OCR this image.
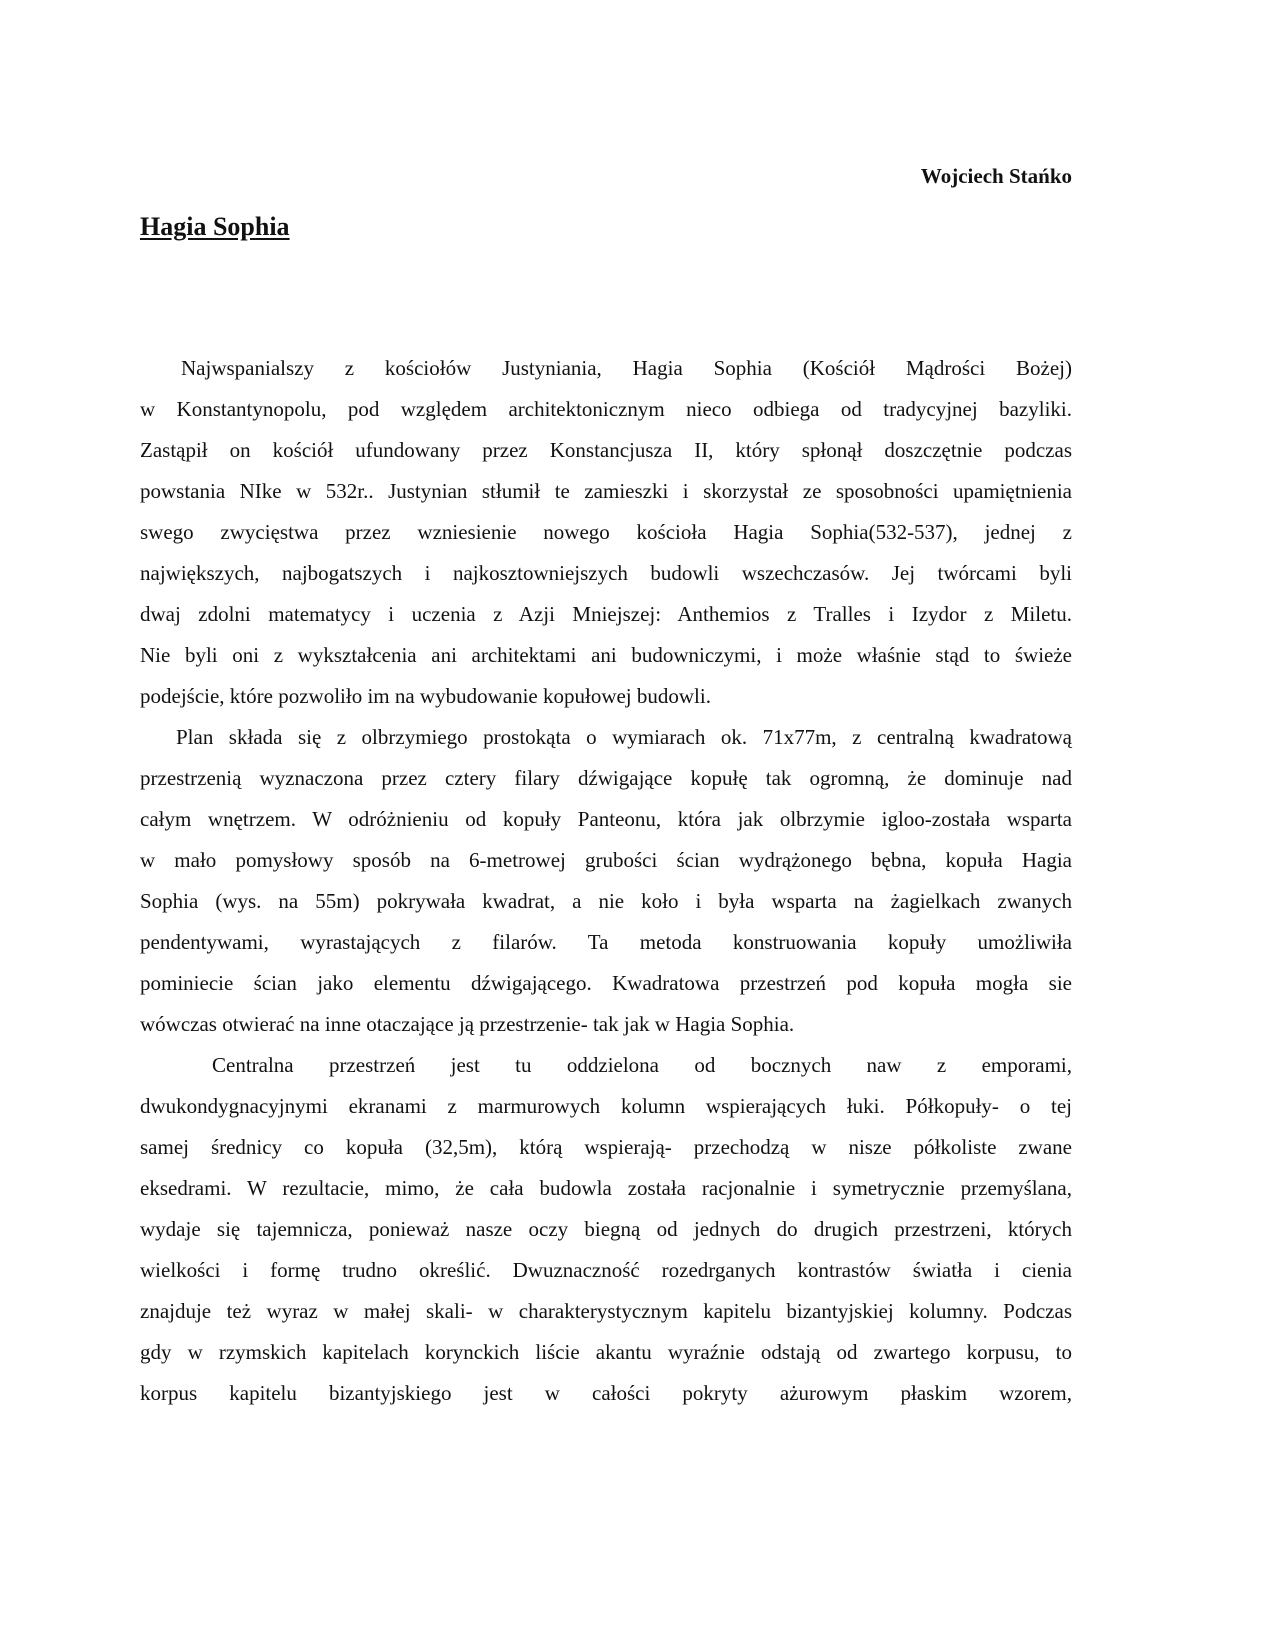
Wojciech Stańko
Hagia Sophia
Najwspanialszy z kościołów Justyniania, Hagia Sophia (Kościół Mądrości Bożej)
w Konstantynopolu, pod względem architektonicznym nieco odbiega od tradycyjnej bazyliki.
Zastąpił on kościół ufundowany przez Konstancjusza II, który spłonął doszczętnie podczas
powstania NIke w 532r.. Justynian stłumił te zamieszki i skorzystał ze sposobności upamiętnienia
swego zwycięstwa przez wzniesienie nowego kościoła Hagia Sophia(532-537), jednej z
największych, najbogatszych i najkosztowniejszych budowli wszechczasów. Jej twórcami byli
dwaj zdolni matematycy i uczenia z Azji Mniejszej: Anthemios z Tralles i Izydor z Miletu.
Nie byli oni z wykształcenia ani architektami ani budowniczymi, i może właśnie stąd to świeże
podejście, które pozwoliło im na wybudowanie kopułowej budowli.
Plan składa się z olbrzymiego prostokąta o wymiarach ok. 71x77m, z centralną kwadratową
przestrzenią wyznaczona przez cztery filary dźwigające kopułę tak ogromną, że dominuje nad
całym wnętrzem. W odróżnieniu od kopuły Panteonu, która jak olbrzymie igloo-została wsparta
w mało pomysłowy sposób na 6-metrowej grubości ścian wydrążonego bębna, kopuła Hagia
Sophia (wys. na 55m) pokrywała kwadrat, a nie koło i była wsparta na żagielkach zwanych
pendentywami, wyrastających z filarów. Ta metoda konstruowania kopuły umożliwiła
pominiecie ścian jako elementu dźwigającego. Kwadratowa przestrzeń pod kopuła mogła sie
wówczas otwierać na inne otaczające ją przestrzenie- tak jak w Hagia Sophia.
Centralna przestrzeń jest tu oddzielona od bocznych naw z emporami,
dwukondygnacyjnymi ekranami z marmurowych kolumn wspierających łuki. Półkopuły- o tej
samej średnicy co kopuła (32,5m), którą wspierają- przechodzą w nisze półkoliste zwane
eksedrami. W rezultacie, mimo, że cała budowla została racjonalnie i symetrycznie przemyślana,
wydaje się tajemnicza, ponieważ nasze oczy biegną od jednych do drugich przestrzeni, których
wielkości i formę trudno określić. Dwuznaczność rozedrganych kontrastów światła i cienia
znajduje też wyraz w małej skali- w charakterystycznym kapitelu bizantyjskiej kolumny. Podczas
gdy w rzymskich kapitelach korynckich liście akantu wyraźnie odstają od zwartego korpusu, to
korpus kapitelu bizantyjskiego jest w całości pokryty ażurowym płaskim wzorem,
